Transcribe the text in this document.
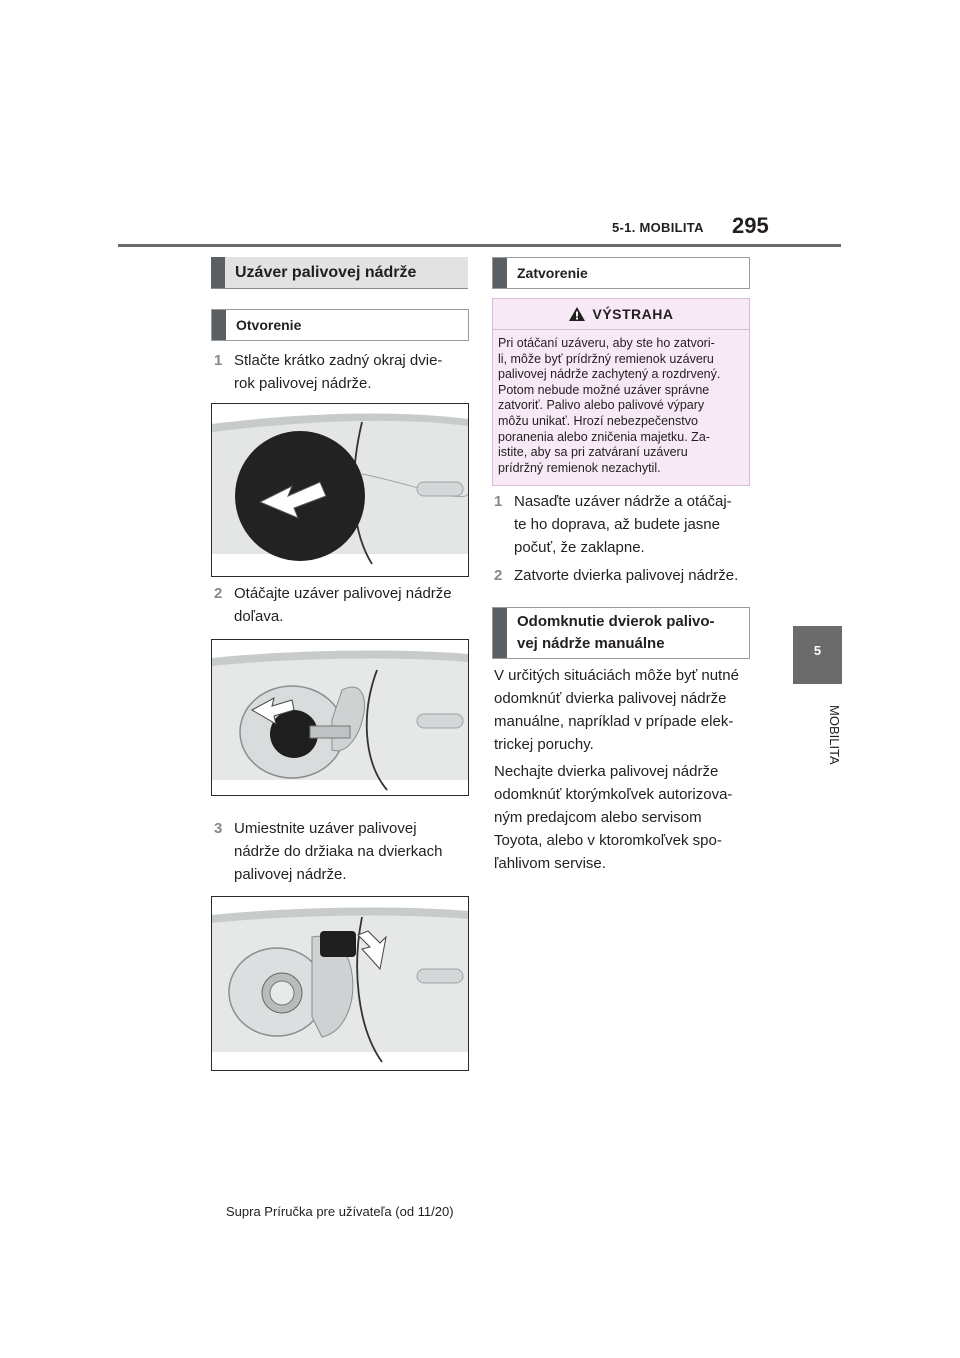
5-1. MOBILITA 295
5
MOBILITA
Uzáver palivovej nádrže
Otvorenie
1 Stlačte krátko zadný okraj dvie-
rok palivovej nádrže.
2 Otáčajte uzáver palivovej nádrže
doľava.
3 Umiestnite uzáver palivovej
nádrže do držiaka na dvierkach
palivovej nádrže.
Zatvorenie
VÝSTRAHA
Pri otáčaní uzáveru, aby ste ho zatvori-
li, môže byť prídržný remienok uzáveru
palivovej nádrže zachytený a rozdrvený.
Potom nebude možné uzáver správne
zatvoriť. Palivo alebo palivové výpary
môžu unikať. Hrozí nebezpečenstvo
poranenia alebo zničenia majetku. Za-
istite, aby sa pri zatváraní uzáveru
prídržný remienok nezachytil.
1 Nasaďte uzáver nádrže a otáčaj-
te ho doprava, až budete jasne
počuť, že zaklapne.
2 Zatvorte dvierka palivovej nádrže.
Odomknutie dvierok palivo-
vej nádrže manuálne
V určitých situáciách môže byť nutné
odomknúť dvierka palivovej nádrže
manuálne, napríklad v prípade elek-
trickej poruchy.
Nechajte dvierka palivovej nádrže
odomknúť ktorýmkoľvek autorizova-
ným predajcom alebo servisom
Toyota, alebo v ktoromkoľvek spo-
ľahlivom servise.
Supra Príručka pre užívateľa (od 11/20)
